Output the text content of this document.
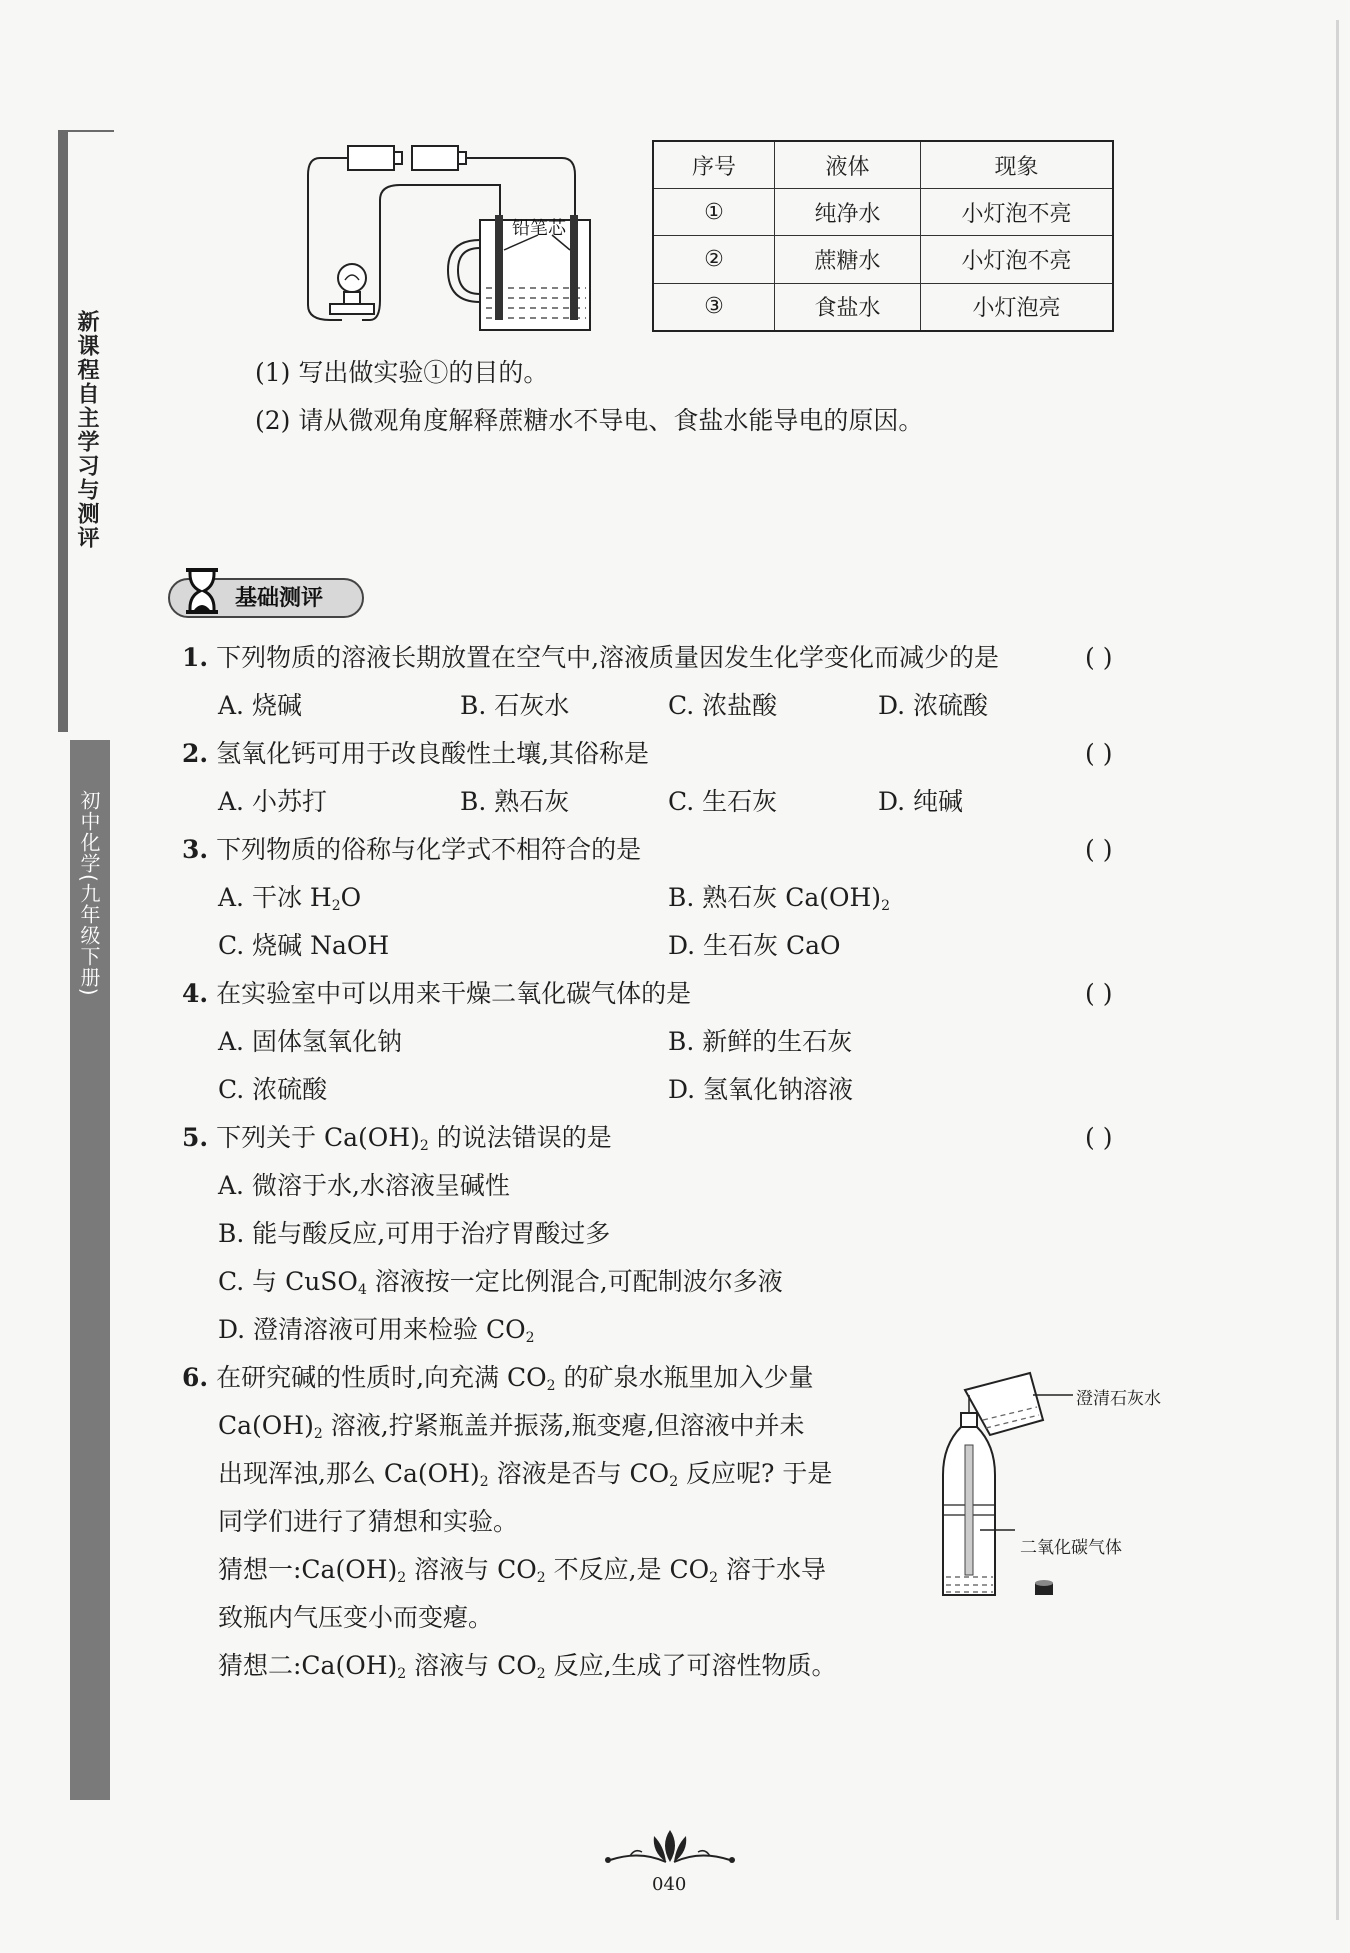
新课程自主学习与测评
初中化学(九年级下册)
铅笔芯
序号	液体	现象
①	纯净水	小灯泡不亮
②	蔗糖水	小灯泡不亮
③	食盐水	小灯泡亮
(1) 写出做实验①的目的。
(2) 请从微观角度解释蔗糖水不导电、食盐水能导电的原因。
基础测评
1. 下列物质的溶液长期放置在空气中,溶液质量因发生化学变化而减少的是	( )
A. 烧碱	B. 石灰水	C. 浓盐酸	D. 浓硫酸
2. 氢氧化钙可用于改良酸性土壤,其俗称是	( )
A. 小苏打	B. 熟石灰	C. 生石灰	D. 纯碱
3. 下列物质的俗称与化学式不相符合的是	( )
A. 干冰 $H_2O$	B. 熟石灰 $Ca(OH)_2$
C. 烧碱 NaOH	D. 生石灰 CaO
4. 在实验室中可以用来干燥二氧化碳气体的是	( )
A. 固体氢氧化钠	B. 新鲜的生石灰
C. 浓硫酸	D. 氢氧化钠溶液
5. 下列关于 $Ca(OH)_2$ 的说法错误的是	( )
A. 微溶于水,水溶液呈碱性
B. 能与酸反应,可用于治疗胃酸过多
C. 与 CuSO$_4$ 溶液按一定比例混合,可配制波尔多液
D. 澄清溶液可用来检验 $CO_2$
6. 在研究碱的性质时,向充满 $CO_2$ 的矿泉水瓶里加入少量
$Ca(OH)_2$ 溶液,拧紧瓶盖并振荡,瓶变瘪,但溶液中并未
出现浑浊,那么 $Ca(OH)_2$ 溶液是否与 $CO_2$ 反应呢? 于是
同学们进行了猜想和实验。
猜想一$:Ca(OH)_2$ 溶液与 $CO_2$ 不反应,是 $CO_2$ 溶于水导
致瓶内气压变小而变瘪。
猜想二$:Ca(OH)_2$ 溶液与 $CO_2$ 反应,生成了可溶性物质。
澄清石灰水
二氧化碳气体
040
